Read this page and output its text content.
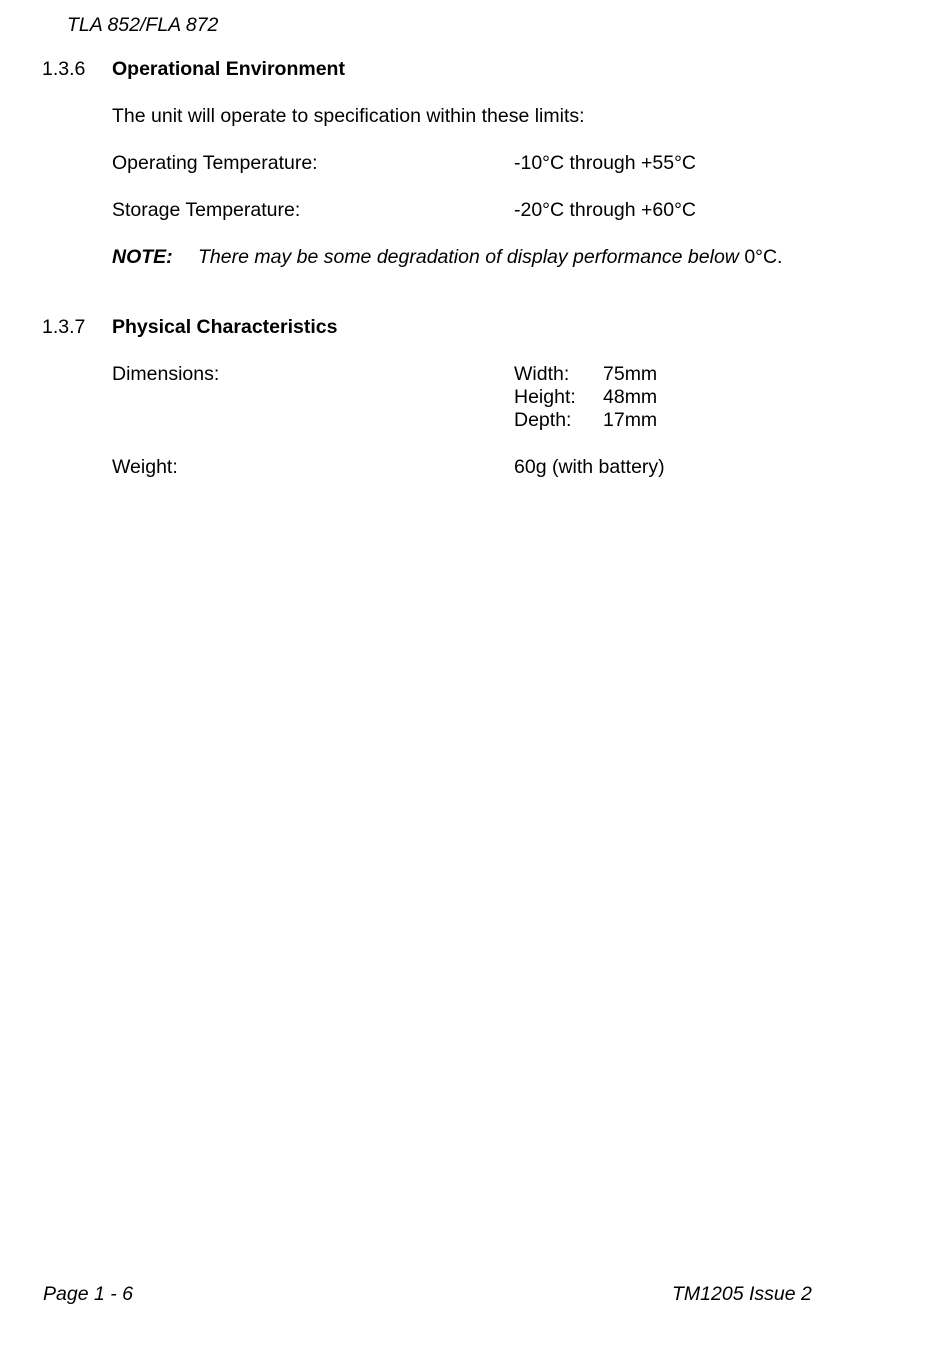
TLA 852/FLA 872
1.3.6 Operational Environment
The unit will operate to specification within these limits:
Operating Temperature:	-10°C through +55°C
Storage Temperature:	-20°C through +60°C
NOTE: There may be some degradation of display performance below 0°C.
1.3.7 Physical Characteristics
Dimensions:	Width: 75mm
Height: 48mm
Depth: 17mm
Weight:	60g (with battery)
Page 1 - 6	TM1205 Issue 2
